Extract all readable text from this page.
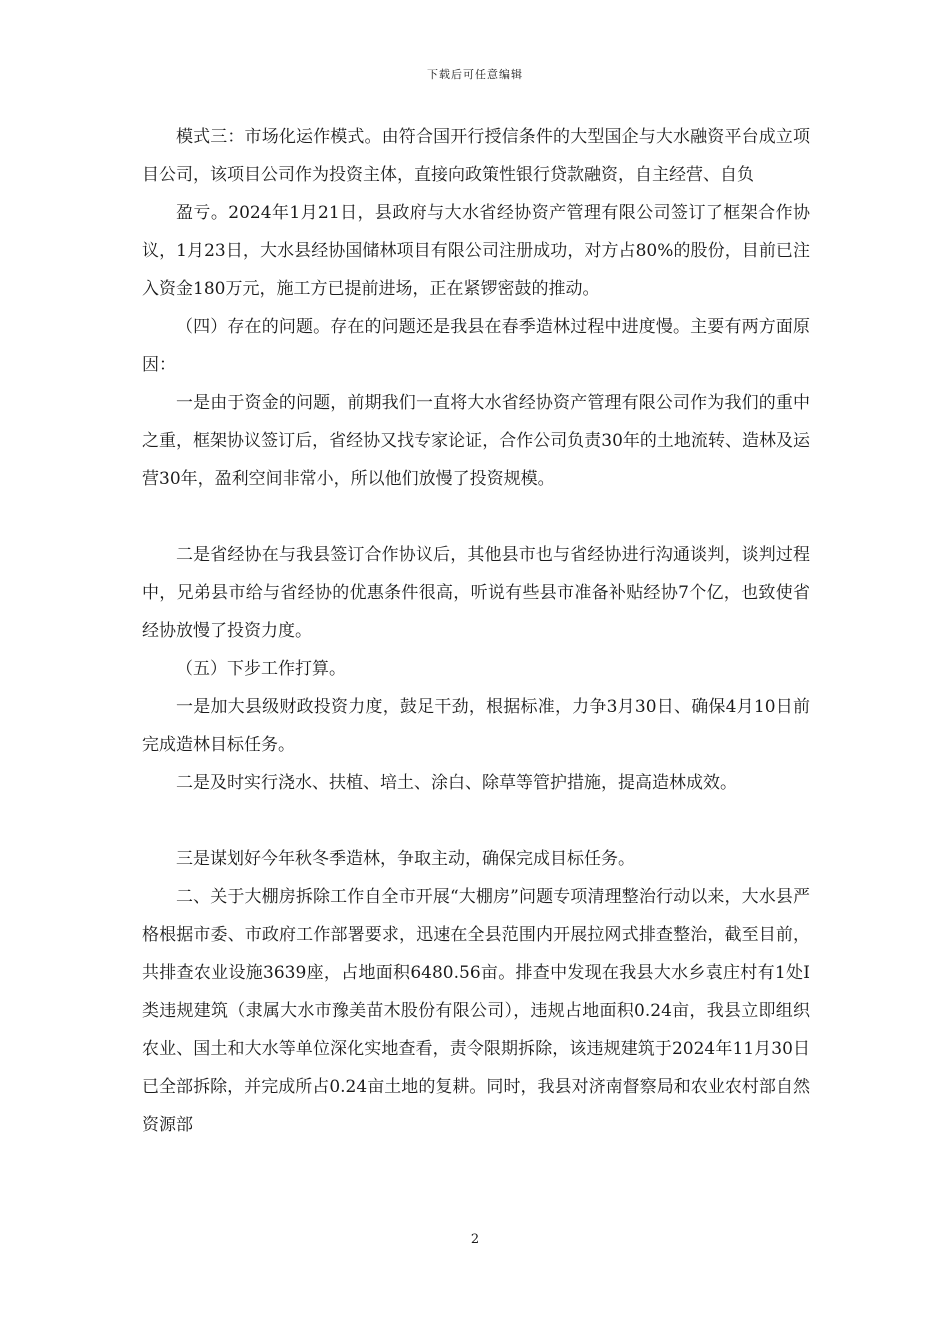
下载后可任意编辑

模式三：市场化运作模式。由符合国开行授信条件的大型国企与大水融资平台成立项目公司，该项目公司作为投资主体，直接向政策性银行贷款融资，自主经营、自负

盈亏。2024年1月21日，县政府与大水省经协资产管理有限公司签订了框架合作协议，1月23日，大水县经协国储林项目有限公司注册成功，对方占80%的股份，目前已注入资金180万元，施工方已提前进场，正在紧锣密鼓的推动。

（四）存在的问题。存在的问题还是我县在春季造林过程中进度慢。主要有两方面原因：

一是由于资金的问题，前期我们一直将大水省经协资产管理有限公司作为我们的重中之重，框架协议签订后，省经协又找专家论证，合作公司负责30年的土地流转、造林及运营30年，盈利空间非常小，所以他们放慢了投资规模。

二是省经协在与我县签订合作协议后，其他县市也与省经协进行沟通谈判，谈判过程中，兄弟县市给与省经协的优惠条件很高，听说有些县市准备补贴经协7个亿，也致使省经协放慢了投资力度。

（五）下步工作打算。

一是加大县级财政投资力度，鼓足干劲，根据标准，力争3月30日、确保4月10日前完成造林目标任务。

二是及时实行浇水、扶植、培土、涂白、除草等管护措施，提高造林成效。

三是谋划好今年秋冬季造林，争取主动，确保完成目标任务。

二、关于大棚房拆除工作自全市开展“大棚房”问题专项清理整治行动以来，大水县严格根据市委、市政府工作部署要求，迅速在全县范围内开展拉网式排查整治，截至目前，共排查农业设施3639座，占地面积6480.56亩。排查中发现在我县大水乡袁庄村有1处Ⅰ类违规建筑（隶属大水市豫美苗木股份有限公司），违规占地面积0.24亩，我县立即组织农业、国土和大水等单位深化实地查看，责令限期拆除，该违规建筑于2024年11月30日已全部拆除，并完成所占0.24亩土地的复耕。同时，我县对济南督察局和农业农村部自然资源部

2
